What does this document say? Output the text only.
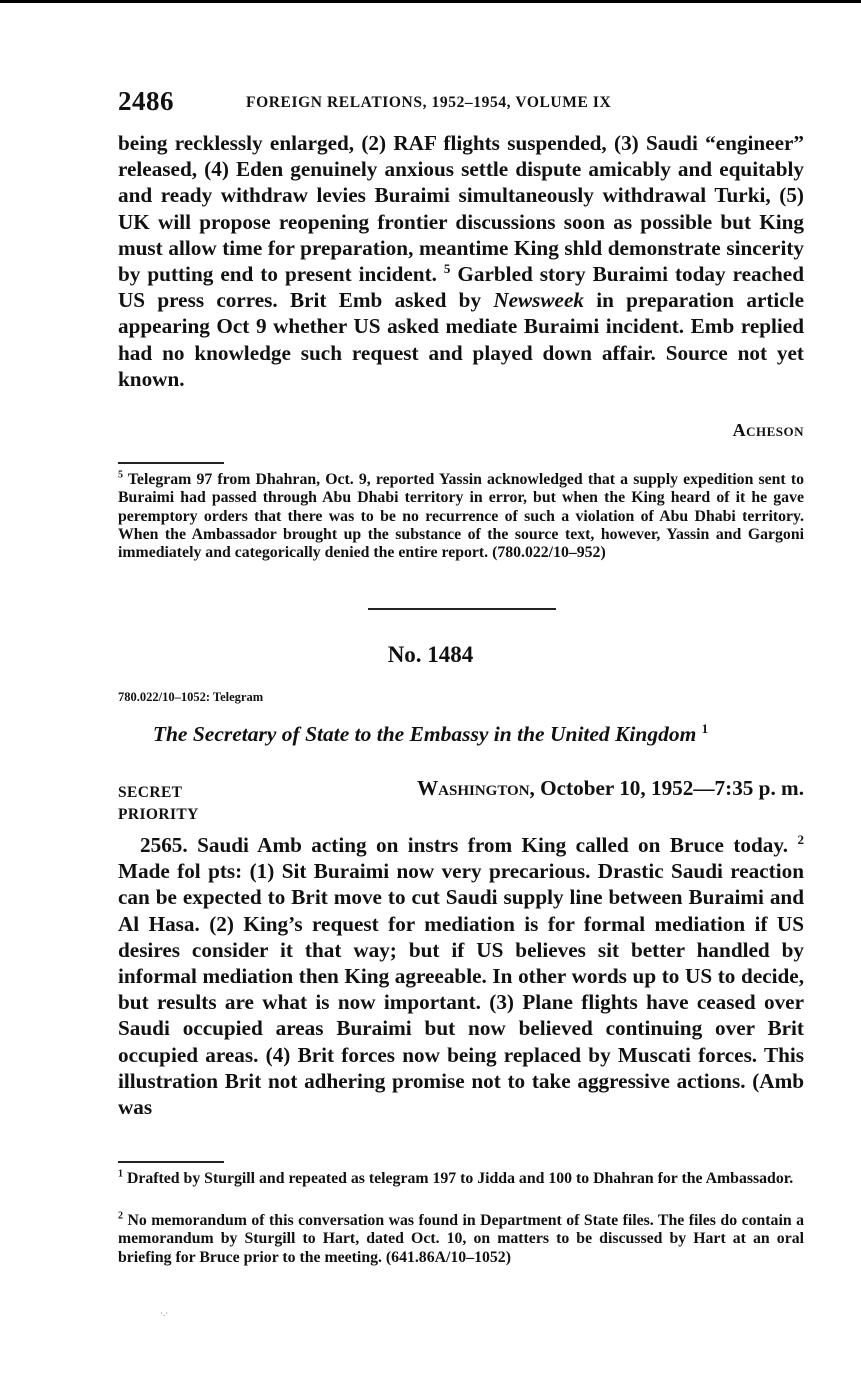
2486	FOREIGN RELATIONS, 1952–1954, VOLUME IX
being recklessly enlarged, (2) RAF flights suspended, (3) Saudi “engineer” released, (4) Eden genuinely anxious settle dispute amicably and equitably and ready withdraw levies Buraimi simultaneously withdrawal Turki, (5) UK will propose reopening frontier discussions soon as possible but King must allow time for preparation, meantime King shld demonstrate sincerity by putting end to present incident. $^5$ Garbled story Buraimi today reached US press corres. Brit Emb asked by Newsweek in preparation article appearing Oct 9 whether US asked mediate Buraimi incident. Emb replied had no knowledge such request and played down affair. Source not yet known.
Acheson
$^5$ Telegram 97 from Dhahran, Oct. 9, reported Yassin acknowledged that a supply expedition sent to Buraimi had passed through Abu Dhabi territory in error, but when the King heard of it he gave peremptory orders that there was to be no recurrence of such a violation of Abu Dhabi territory. When the Ambassador brought up the substance of the source text, however, Yassin and Gargoni immediately and categorically denied the entire report. (780.022/10–952)
No. 1484
780.022/10–1052: Telegram
The Secretary of State to the Embassy in the United Kingdom $^1$
SECRET
PRIORITY
Washington, October 10, 1952—7:35 p. m.
2565. Saudi Amb acting on instrs from King called on Bruce today. $^2$ Made fol pts: (1) Sit Buraimi now very precarious. Drastic Saudi reaction can be expected to Brit move to cut Saudi supply line between Buraimi and Al Hasa. (2) King’s request for mediation is for formal mediation if US desires consider it that way; but if US believes sit better handled by informal mediation then King agreeable. In other words up to US to decide, but results are what is now important. (3) Plane flights have ceased over Saudi occupied areas Buraimi but now believed continuing over Brit occupied areas. (4) Brit forces now being replaced by Muscati forces. This illustration Brit not adhering promise not to take aggressive actions. (Amb was
$^1$ Drafted by Sturgill and repeated as telegram 197 to Jidda and 100 to Dhahran for the Ambassador.
$^2$ No memorandum of this conversation was found in Department of State files. The files do contain a memorandum by Sturgill to Hart, dated Oct. 10, on matters to be discussed by Hart at an oral briefing for Bruce prior to the meeting. (641.86A/10–1052)
·.·
